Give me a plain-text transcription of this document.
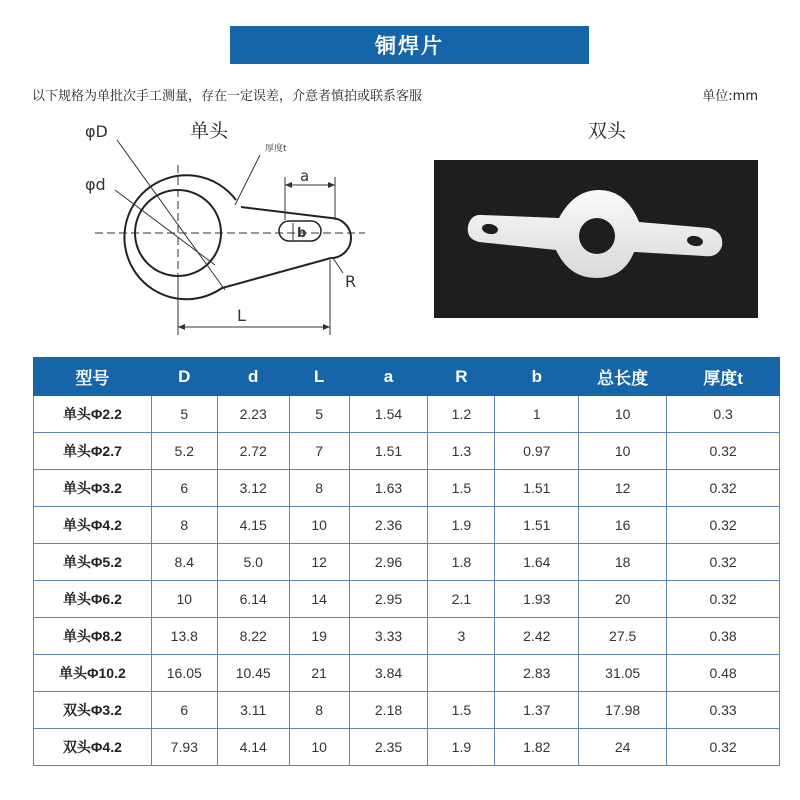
铜焊片
以下规格为单批次手工测量，存在一定误差，介意者慎拍或联系客服	单位:mm
单头	双头
φD
φd
厚度t
a
b
R
L
型号	D	d	L	a	R	b	总长度	厚度t
单头Φ2.2	5	2.23	5	1.54	1.2	1	10	0.3
单头Φ2.7	5.2	2.72	7	1.51	1.3	0.97	10	0.32
单头Φ3.2	6	3.12	8	1.63	1.5	1.51	12	0.32
单头Φ4.2	8	4.15	10	2.36	1.9	1.51	16	0.32
单头Φ5.2	8.4	5.0	12	2.96	1.8	1.64	18	0.32
单头Φ6.2	10	6.14	14	2.95	2.1	1.93	20	0.32
单头Φ8.2	13.8	8.22	19	3.33	3	2.42	27.5	0.38
单头Φ10.2	16.05	10.45	21	3.84		2.83	31.05	0.48
双头Φ3.2	6	3.11	8	2.18	1.5	1.37	17.98	0.33
双头Φ4.2	7.93	4.14	10	2.35	1.9	1.82	24	0.32
